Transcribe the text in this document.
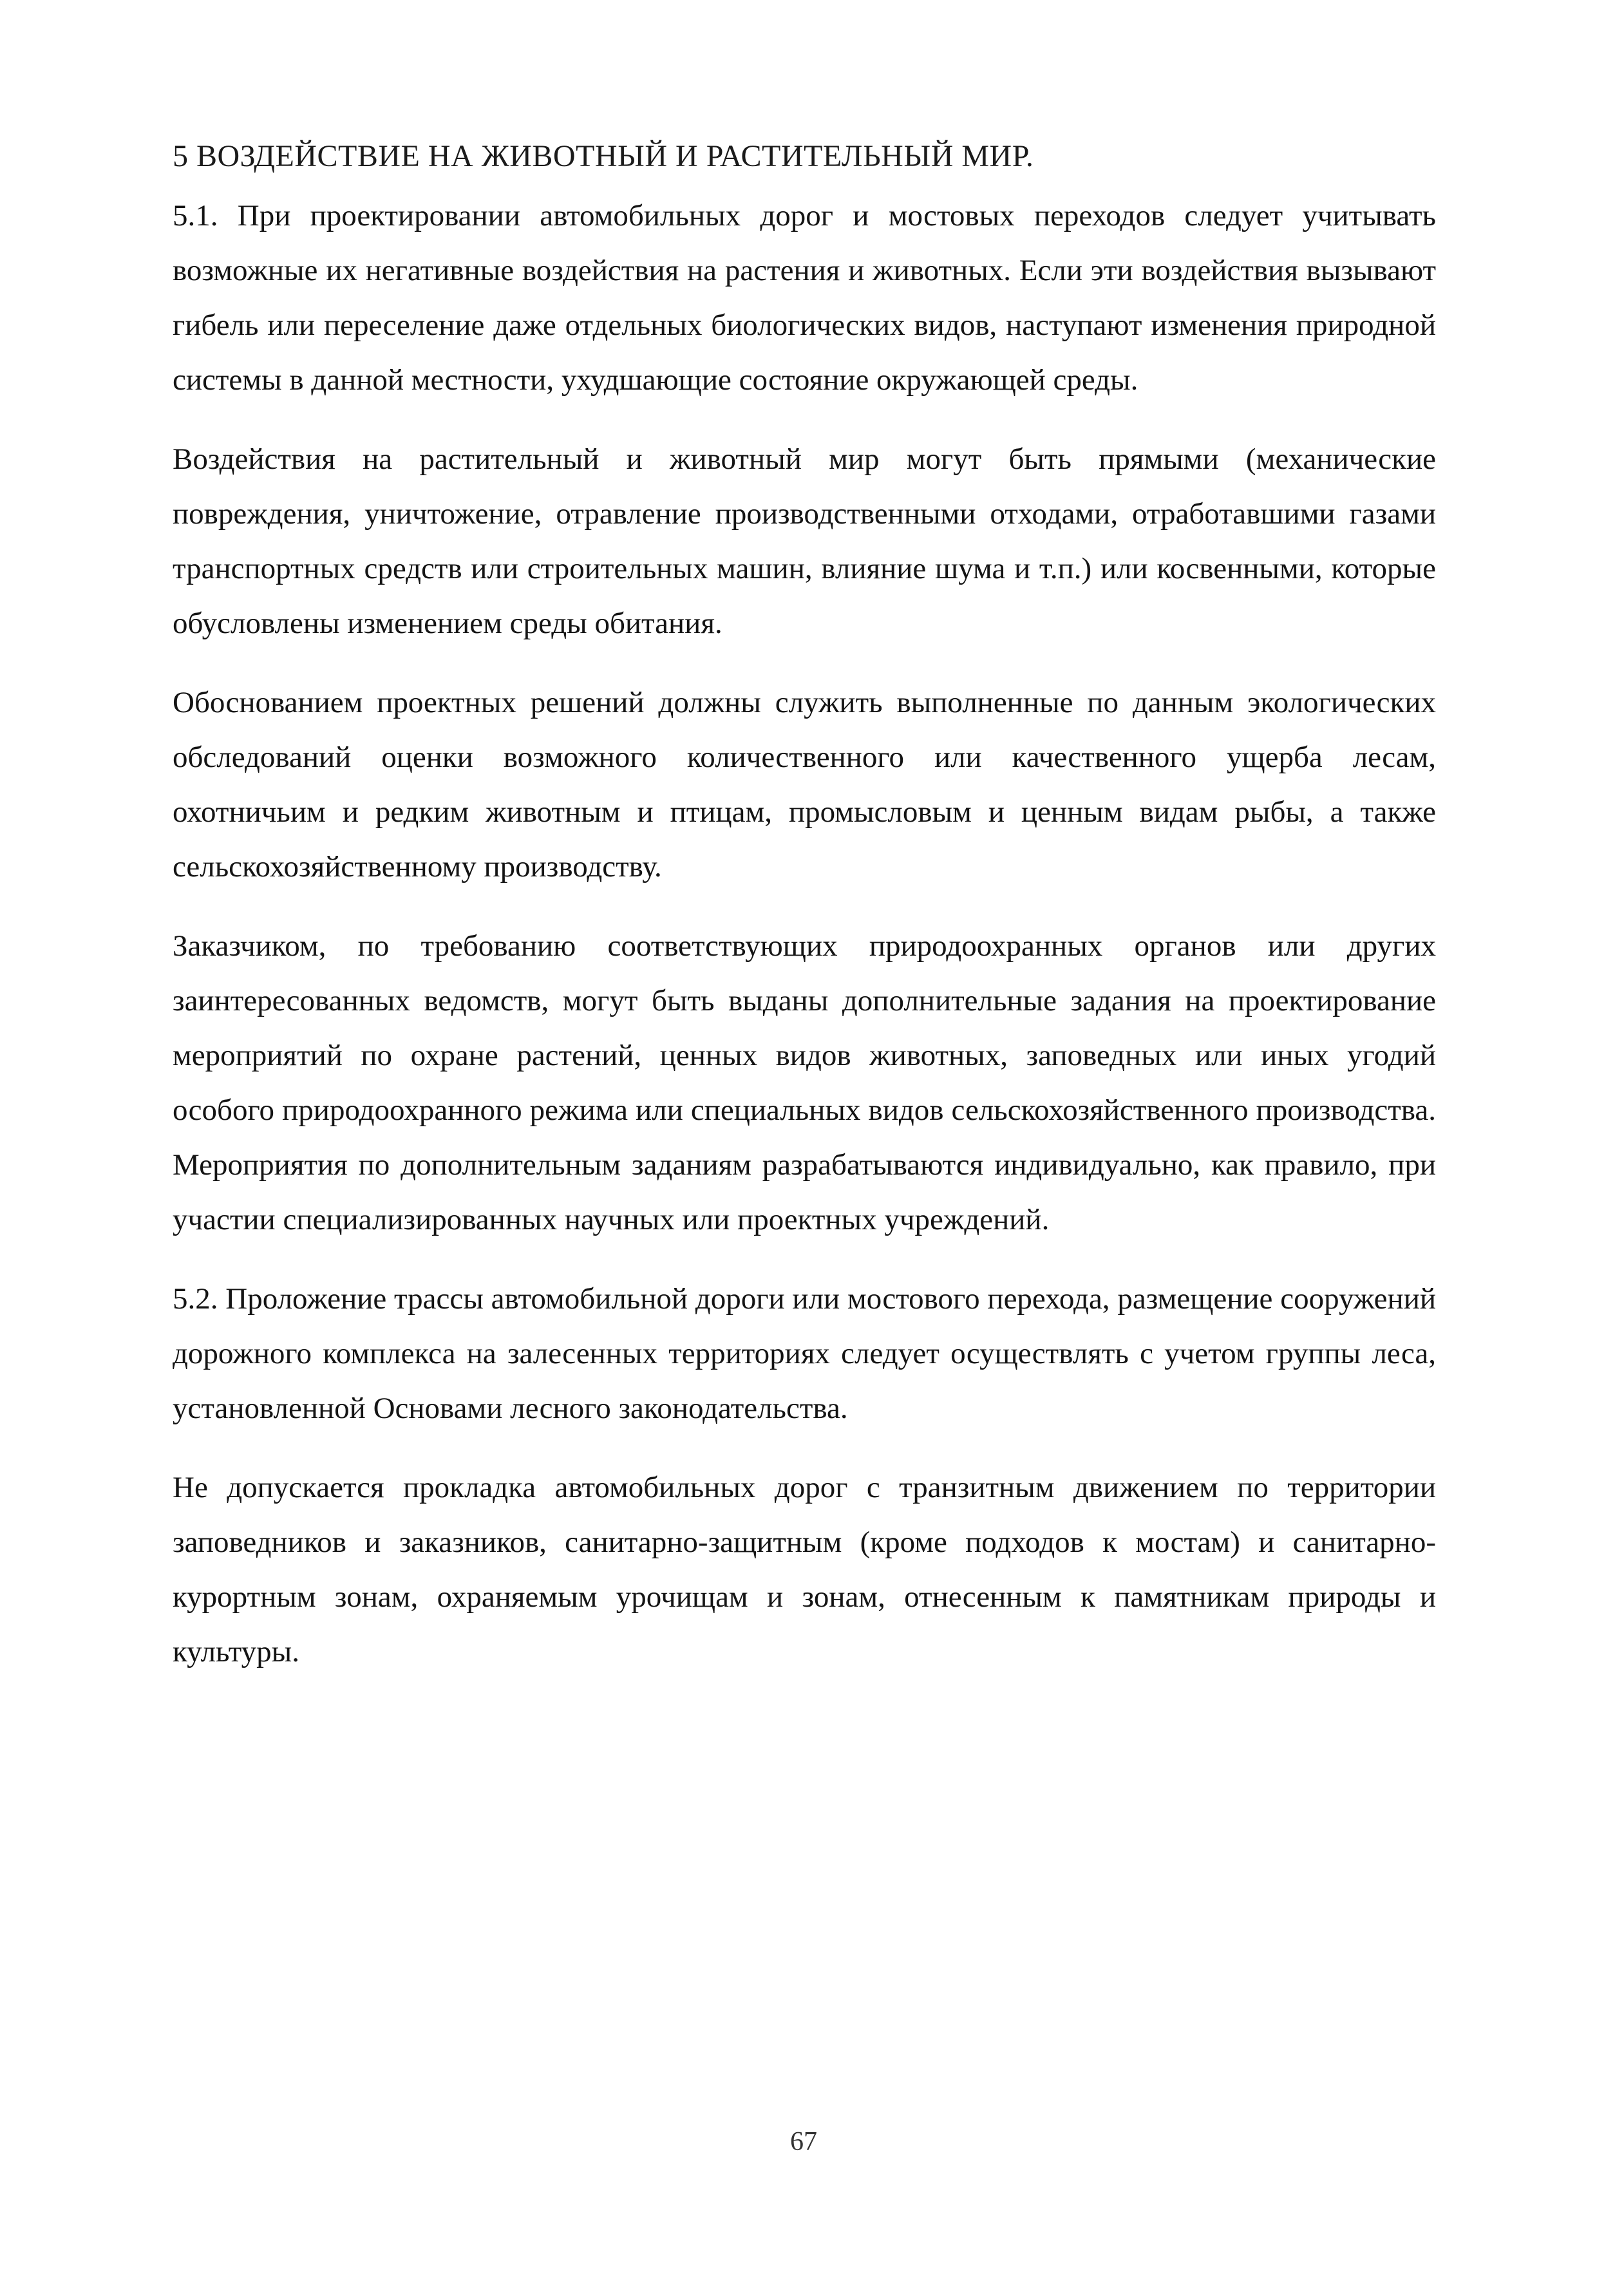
5 ВОЗДЕЙСТВИЕ НА ЖИВОТНЫЙ И РАСТИТЕЛЬНЫЙ МИР.

5.1. При проектировании автомобильных дорог и мостовых переходов следует учитывать возможные их негативные воздействия на растения и животных. Если эти воздействия вызывают гибель или переселение даже отдельных биологических видов, наступают изменения природной системы в данной местности, ухудшающие состояние окружающей среды.

Воздействия на растительный и животный мир могут быть прямыми (механические повреждения, уничтожение, отравление производственными отходами, отработавшими газами транспортных средств или строительных машин, влияние шума и т.п.) или косвенными, которые обусловлены изменением среды обитания.

Обоснованием проектных решений должны служить выполненные по данным экологических обследований оценки возможного количественного или качественного ущерба лесам, охотничьим и редким животным и птицам, промысловым и ценным видам рыбы, а также сельскохозяйственному производству.

Заказчиком, по требованию соответствующих природоохранных органов или других заинтересованных ведомств, могут быть выданы дополнительные задания на проектирование мероприятий по охране растений, ценных видов животных, заповедных или иных угодий особого природоохранного режима или специальных видов сельскохозяйственного производства. Мероприятия по дополнительным заданиям разрабатываются индивидуально, как правило, при участии специализированных научных или проектных учреждений.

5.2. Проложение трассы автомобильной дороги или мостового перехода, размещение сооружений дорожного комплекса на залесенных территориях следует осуществлять с учетом группы леса, установленной Основами лесного законодательства.

Не допускается прокладка автомобильных дорог с транзитным движением по территории заповедников и заказников, санитарно-защитным (кроме подходов к мостам) и санитарно-курортным зонам, охраняемым урочищам и зонам, отнесенным к памятникам природы и культуры.

67
